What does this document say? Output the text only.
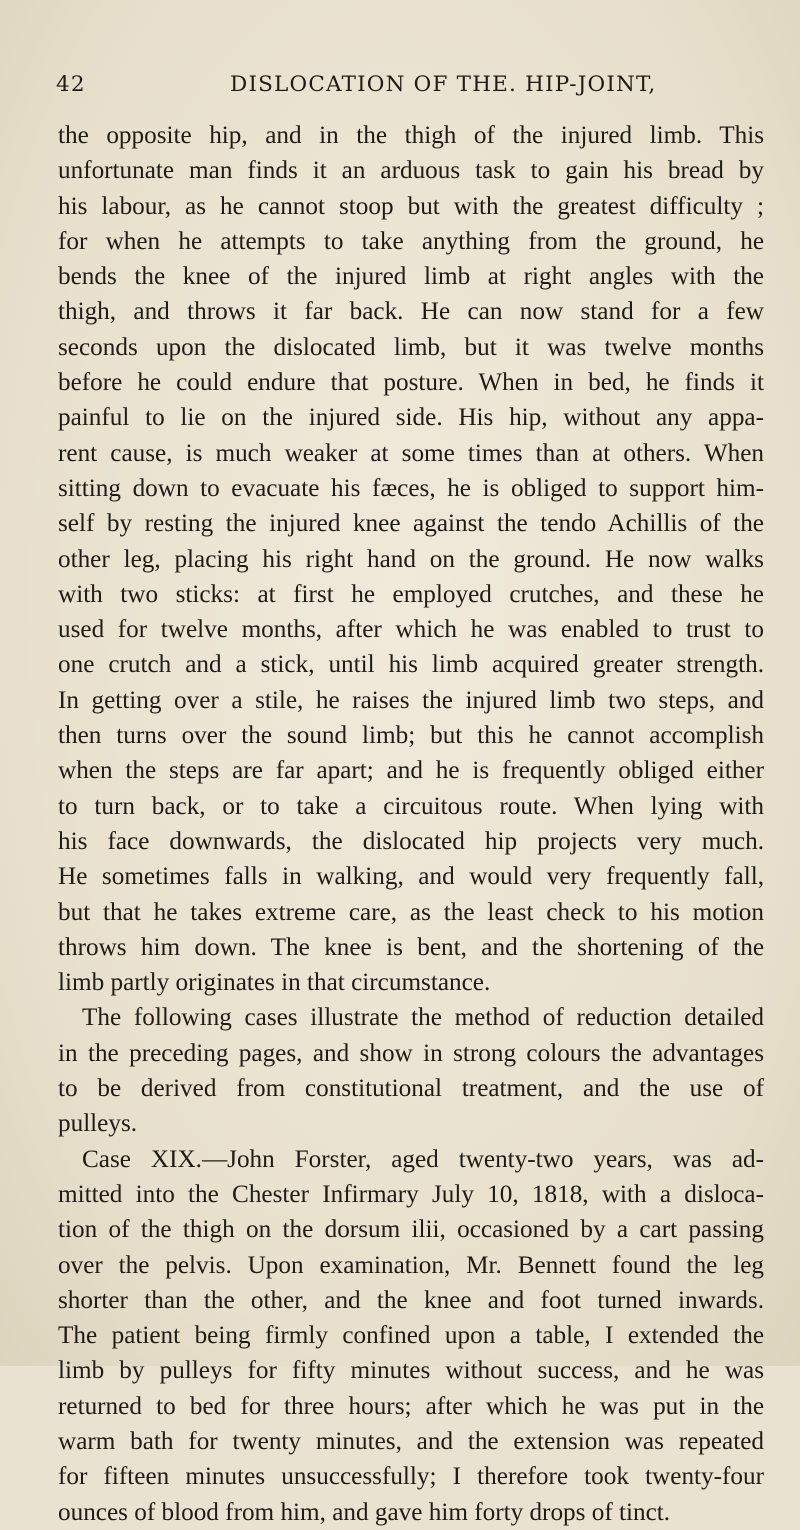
42	DISLOCATION OF THE. HIP-JOINT,
the opposite hip, and in the thigh of the injured limb. This
unfortunate man finds it an arduous task to gain his bread by
his labour, as he cannot stoop but with the greatest difficulty ;
for when he attempts to take anything from the ground, he
bends the knee of the injured limb at right angles with the
thigh, and throws it far back. He can now stand for a few
seconds upon the dislocated limb, but it was twelve months
before he could endure that posture. When in bed, he finds it
painful to lie on the injured side. His hip, without any appa-
rent cause, is much weaker at some times than at others. When
sitting down to evacuate his fæces, he is obliged to support him-
self by resting the injured knee against the tendo Achillis of the
other leg, placing his right hand on the ground. He now walks
with two sticks: at first he employed crutches, and these he
used for twelve months, after which he was enabled to trust to
one crutch and a stick, until his limb acquired greater strength.
In getting over a stile, he raises the injured limb two steps, and
then turns over the sound limb; but this he cannot accomplish
when the steps are far apart; and he is frequently obliged either
to turn back, or to take a circuitous route. When lying with
his face downwards, the dislocated hip projects very much.
He sometimes falls in walking, and would very frequently fall,
but that he takes extreme care, as the least check to his motion
throws him down. The knee is bent, and the shortening of the
limb partly originates in that circumstance.
The following cases illustrate the method of reduction detailed
in the preceding pages, and show in strong colours the advantages
to be derived from constitutional treatment, and the use of
pulleys.
Case XIX.—John Forster, aged twenty-two years, was ad-
mitted into the Chester Infirmary July 10, 1818, with a disloca-
tion of the thigh on the dorsum ilii, occasioned by a cart passing
over the pelvis. Upon examination, Mr. Bennett found the leg
shorter than the other, and the knee and foot turned inwards.
The patient being firmly confined upon a table, I extended the
limb by pulleys for fifty minutes without success, and he was
returned to bed for three hours; after which he was put in the
warm bath for twenty minutes, and the extension was repeated
for fifteen minutes unsuccessfully; I therefore took twenty-four
ounces of blood from him, and gave him forty drops of tinct.
